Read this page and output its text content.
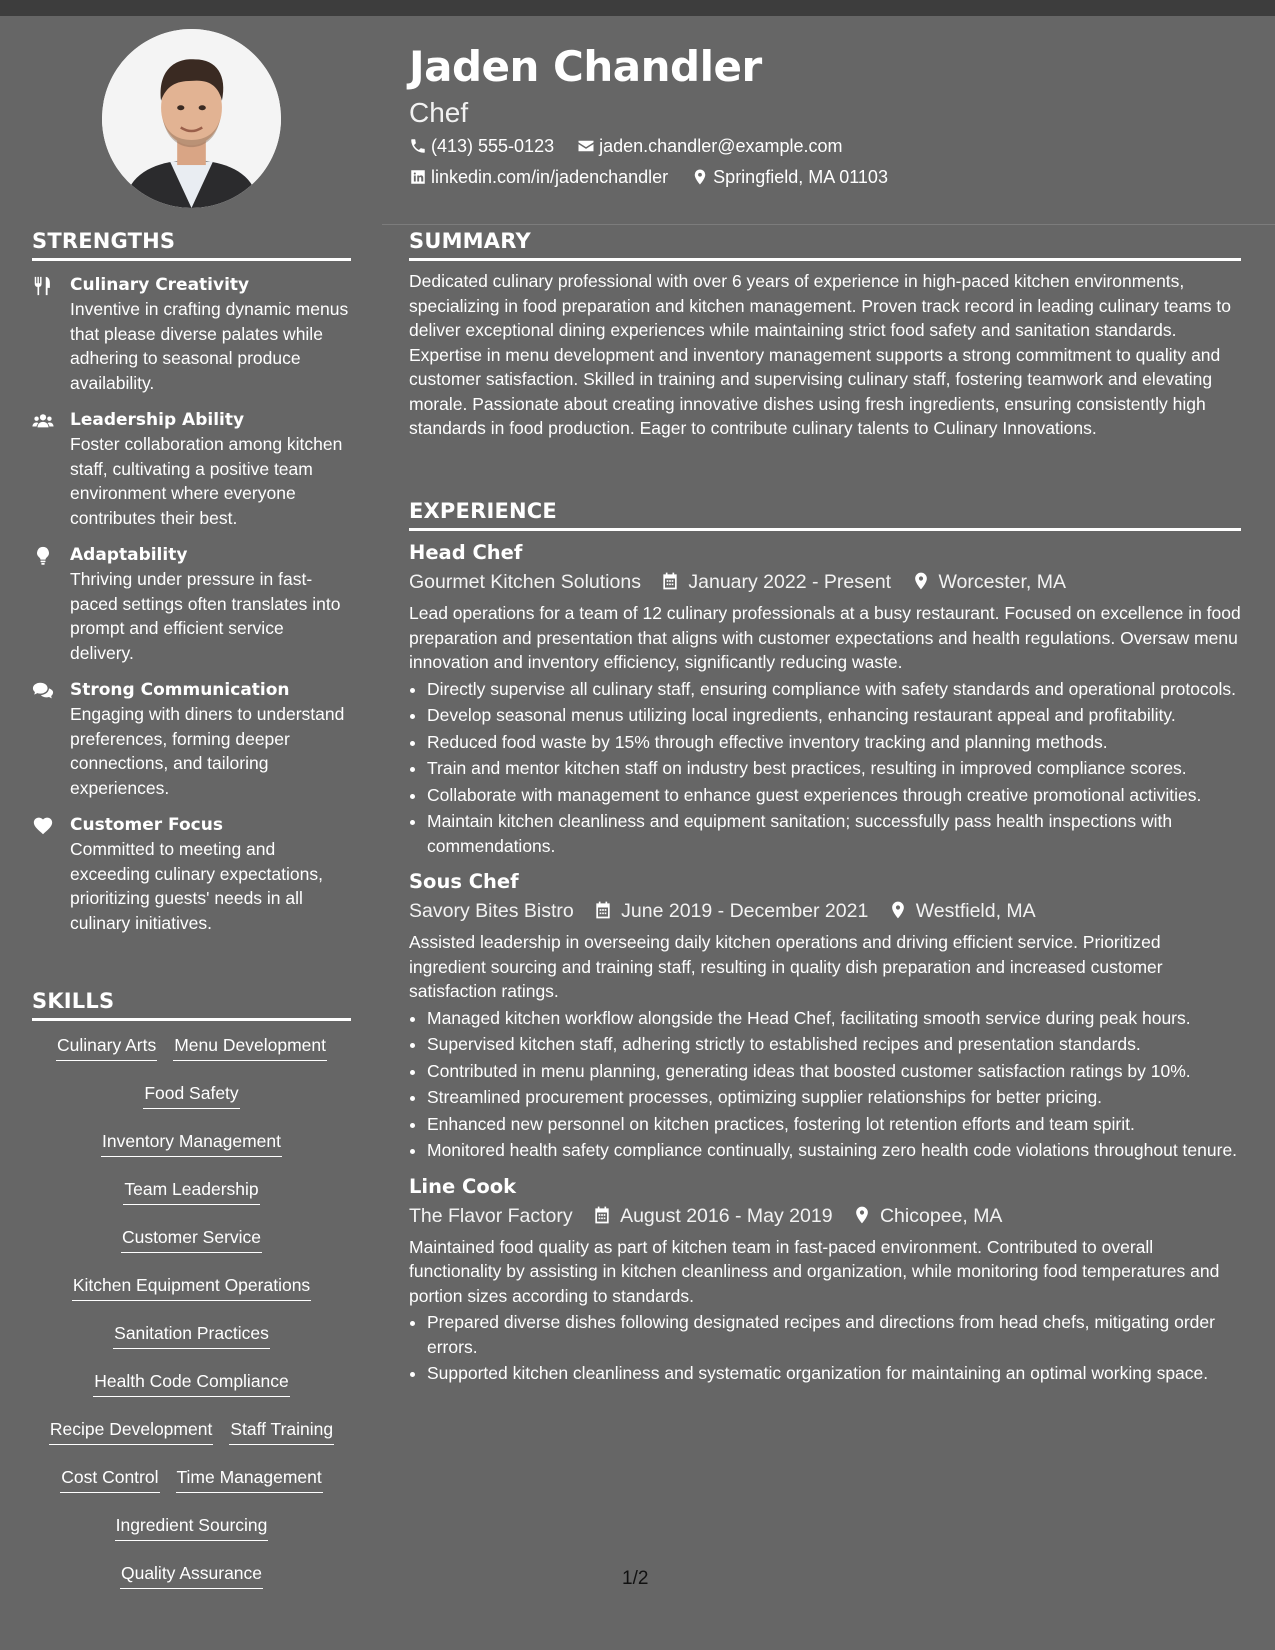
STRENGTHS
Culinary Creativity
Inventive in crafting dynamic menus that please diverse palates while adhering to seasonal produce availability.
Leadership Ability
Foster collaboration among kitchen staff, cultivating a positive team environment where everyone contributes their best.
Adaptability
Thriving under pressure in fast-paced settings often translates into prompt and efficient service delivery.
Strong Communication
Engaging with diners to understand preferences, forming deeper connections, and tailoring experiences.
Customer Focus
Committed to meeting and exceeding culinary expectations, prioritizing guests' needs in all culinary initiatives.
SKILLS
Culinary Arts Menu Development
Food Safety
Inventory Management
Team Leadership
Customer Service
Kitchen Equipment Operations
Sanitation Practices
Health Code Compliance
Recipe Development Staff Training
Cost Control Time Management
Ingredient Sourcing
Quality Assurance
Jaden Chandler
Chef
(413) 555-0123	jaden.chandler@example.com
linkedin.com/in/jadenchandler	Springfield, MA 01103
SUMMARY
Dedicated culinary professional with over 6 years of experience in high-paced kitchen environments, specializing in food preparation and kitchen management. Proven track record in leading culinary teams to deliver exceptional dining experiences while maintaining strict food safety and sanitation standards. Expertise in menu development and inventory management supports a strong commitment to quality and customer satisfaction. Skilled in training and supervising culinary staff, fostering teamwork and elevating morale. Passionate about creating innovative dishes using fresh ingredients, ensuring consistently high standards in food production. Eager to contribute culinary talents to Culinary Innovations.
EXPERIENCE
Head Chef
Gourmet Kitchen Solutions January 2022 - Present Worcester, MA
Lead operations for a team of 12 culinary professionals at a busy restaurant. Focused on excellence in food preparation and presentation that aligns with customer expectations and health regulations. Oversaw menu innovation and inventory efficiency, significantly reducing waste.
• Directly supervise all culinary staff, ensuring compliance with safety standards and operational protocols.
• Develop seasonal menus utilizing local ingredients, enhancing restaurant appeal and profitability.
• Reduced food waste by 15% through effective inventory tracking and planning methods.
• Train and mentor kitchen staff on industry best practices, resulting in improved compliance scores.
• Collaborate with management to enhance guest experiences through creative promotional activities.
• Maintain kitchen cleanliness and equipment sanitation; successfully pass health inspections with commendations.
Sous Chef
Savory Bites Bistro June 2019 - December 2021 Westfield, MA
Assisted leadership in overseeing daily kitchen operations and driving efficient service. Prioritized ingredient sourcing and training staff, resulting in quality dish preparation and increased customer satisfaction ratings.
• Managed kitchen workflow alongside the Head Chef, facilitating smooth service during peak hours.
• Supervised kitchen staff, adhering strictly to established recipes and presentation standards.
• Contributed in menu planning, generating ideas that boosted customer satisfaction ratings by 10%.
• Streamlined procurement processes, optimizing supplier relationships for better pricing.
• Enhanced new personnel on kitchen practices, fostering lot retention efforts and team spirit.
• Monitored health safety compliance continually, sustaining zero health code violations throughout tenure.
Line Cook
The Flavor Factory August 2016 - May 2019 Chicopee, MA
Maintained food quality as part of kitchen team in fast-paced environment. Contributed to overall functionality by assisting in kitchen cleanliness and organization, while monitoring food temperatures and portion sizes according to standards.
• Prepared diverse dishes following designated recipes and directions from head chefs, mitigating order errors.
• Supported kitchen cleanliness and systematic organization for maintaining an optimal working space.
1/2
